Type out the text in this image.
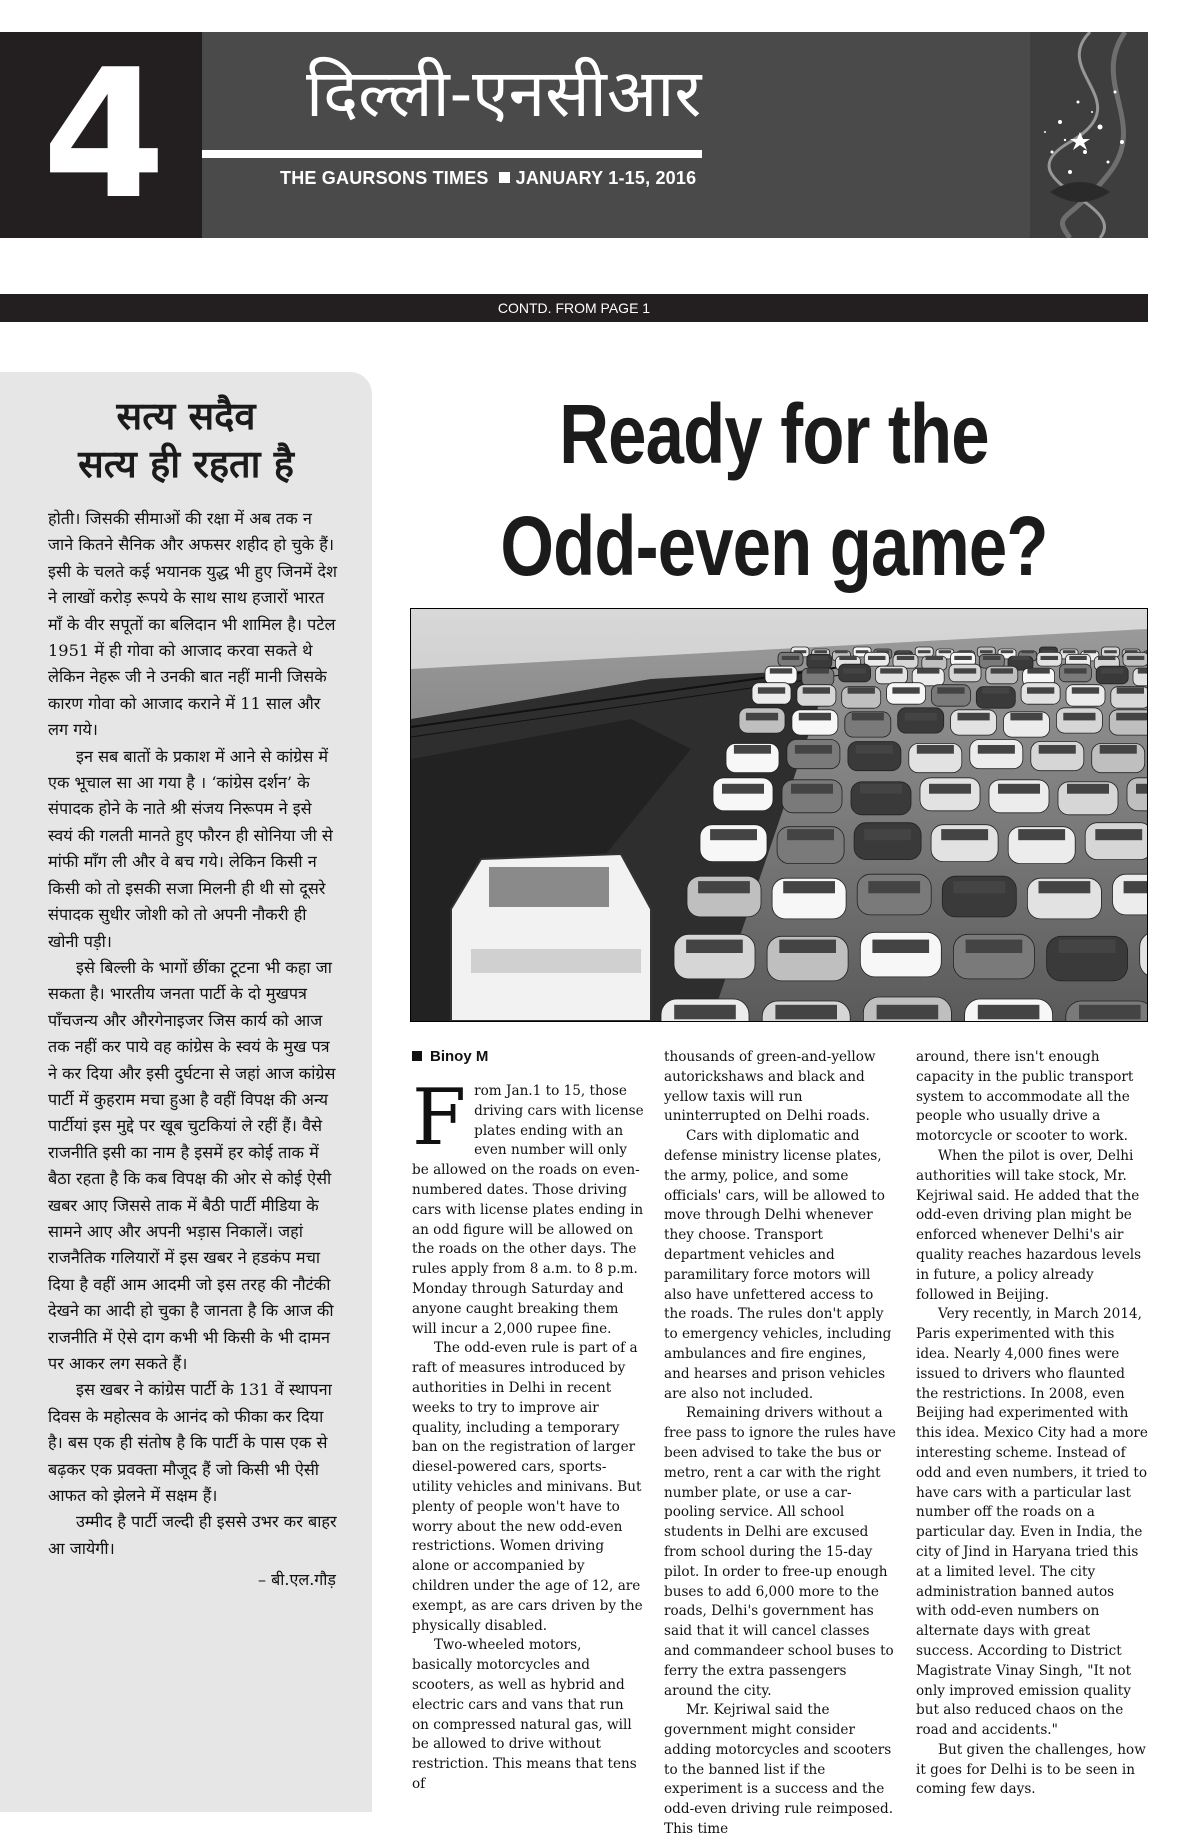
4	दिल्ली-एनसीआर
THE GAURSONS TIMES JANUARY 1-15, 2016
CONTD. FROM PAGE 1
सत्य सदैव
सत्य ही रहता है

होती। जिसकी सीमाओं की रक्षा में अब तक न जाने कितने सैनिक और अफसर शहीद हो चुके हैं। इसी के चलते कई भयानक युद्ध भी हुए जिनमें देश ने लाखों करोड़ रूपये के साथ साथ हजारों भारत माँ के वीर सपूतों का बलिदान भी शामिल है। पटेल 1951 में ही गोवा को आजाद करवा सकते थे लेकिन नेहरू जी ने उनकी बात नहीं मानी जिसके कारण गोवा को आजाद कराने में 11 साल और लग गये।

इन सब बातों के प्रकाश में आने से कांग्रेस में एक भूचाल सा आ गया है । ‘कांग्रेस दर्शन’ के संपादक होने के नाते श्री संजय निरूपम ने इसे स्वयं की गलती मानते हुए फौरन ही सोनिया जी से मांफी माँग ली और वे बच गये। लेकिन किसी न किसी को तो इसकी सजा मिलनी ही थी सो दूसरे संपादक सुधीर जोशी को तो अपनी नौकरी ही खोनी पड़ी।

इसे बिल्ली के भागों छींका टूटना भी कहा जा सकता है। भारतीय जनता पार्टी के दो मुखपत्र पाँचजन्य और औरगेनाइजर जिस कार्य को आज तक नहीं कर पाये वह कांग्रेस के स्वयं के मुख पत्र ने कर दिया और इसी दुर्घटना से जहां आज कांग्रेस पार्टी में कुहराम मचा हुआ है वहीं विपक्ष की अन्य पार्टीयां इस मुद्दे पर खूब चुटकियां ले रहीं हैं। वैसे राजनीति इसी का नाम है इसमें हर कोई ताक में बैठा रहता है कि कब विपक्ष की ओर से कोई ऐसी खबर आए जिससे ताक में बैठी पार्टी मीडिया के सामने आए और अपनी भड़ास निकालें। जहां राजनैतिक गलियारों में इस खबर ने हडकंप मचा दिया है वहीं आम आदमी जो इस तरह की नौटंकी देखने का आदी हो चुका है जानता है कि आज की राजनीति में ऐसे दाग कभी भी किसी के भी दामन पर आकर लग सकते हैं।

इस खबर ने कांग्रेस पार्टी के 131 वें स्थापना दिवस के महोत्सव के आनंद को फीका कर दिया है। बस एक ही संतोष है कि पार्टी के पास एक से बढ़कर एक प्रवक्ता मौजूद हैं जो किसी भी ऐसी आफत को झेलने में सक्षम हैं।

उम्मीद है पार्टी जल्दी ही इससे उभर कर बाहर आ जायेगी।

– बी.एल.गौड़
Ready for the
Odd-even game?
Binoy M

From Jan.1 to 15, those driving cars with license plates ending with an even number will only be allowed on the roads on even-numbered dates. Those driving cars with license plates ending in an odd figure will be allowed on the roads on the other days. The rules apply from 8 a.m. to 8 p.m. Monday through Saturday and anyone caught breaking them will incur a 2,000 rupee fine.

The odd-even rule is part of a raft of measures introduced by authorities in Delhi in recent weeks to try to improve air quality, including a temporary ban on the registration of larger diesel-powered cars, sports-utility vehicles and minivans. But plenty of people won't have to worry about the new odd-even restrictions. Women driving alone or accompanied by children under the age of 12, are exempt, as are cars driven by the physically disabled.

Two-wheeled motors, basically motorcycles and scooters, as well as hybrid and electric cars and vans that run on compressed natural gas, will be allowed to drive without restriction. This means that tens of

thousands of green-and-yellow autorickshaws and black and yellow taxis will run uninterrupted on Delhi roads.

Cars with diplomatic and defense ministry license plates, the army, police, and some officials' cars, will be allowed to move through Delhi whenever they choose. Transport department vehicles and paramilitary force motors will also have unfettered access to the roads. The rules don't apply to emergency vehicles, including ambulances and fire engines, and hearses and prison vehicles are also not included.

Remaining drivers without a free pass to ignore the rules have been advised to take the bus or metro, rent a car with the right number plate, or use a car-pooling service. All school students in Delhi are excused from school during the 15-day pilot. In order to free-up enough buses to add 6,000 more to the roads, Delhi's government has said that it will cancel classes and commandeer school buses to ferry the extra passengers around the city.

Mr. Kejriwal said the government might consider adding motorcycles and scooters to the banned list if the experiment is a success and the odd-even driving rule reimposed. This time

around, there isn't enough capacity in the public transport system to accommodate all the people who usually drive a motorcycle or scooter to work.

When the pilot is over, Delhi authorities will take stock, Mr. Kejriwal said. He added that the odd-even driving plan might be enforced whenever Delhi's air quality reaches hazardous levels in future, a policy already followed in Beijing.

Very recently, in March 2014, Paris experimented with this idea. Nearly 4,000 fines were issued to drivers who flaunted the restrictions. In 2008, even Beijing had experimented with this idea. Mexico City had a more interesting scheme. Instead of odd and even numbers, it tried to have cars with a particular last number off the roads on a particular day. Even in India, the city of Jind in Haryana tried this at a limited level. The city administration banned autos with odd-even numbers on alternate days with great success. According to District Magistrate Vinay Singh, "It not only improved emission quality but also reduced chaos on the road and accidents."

But given the challenges, how it goes for Delhi is to be seen in coming few days.
